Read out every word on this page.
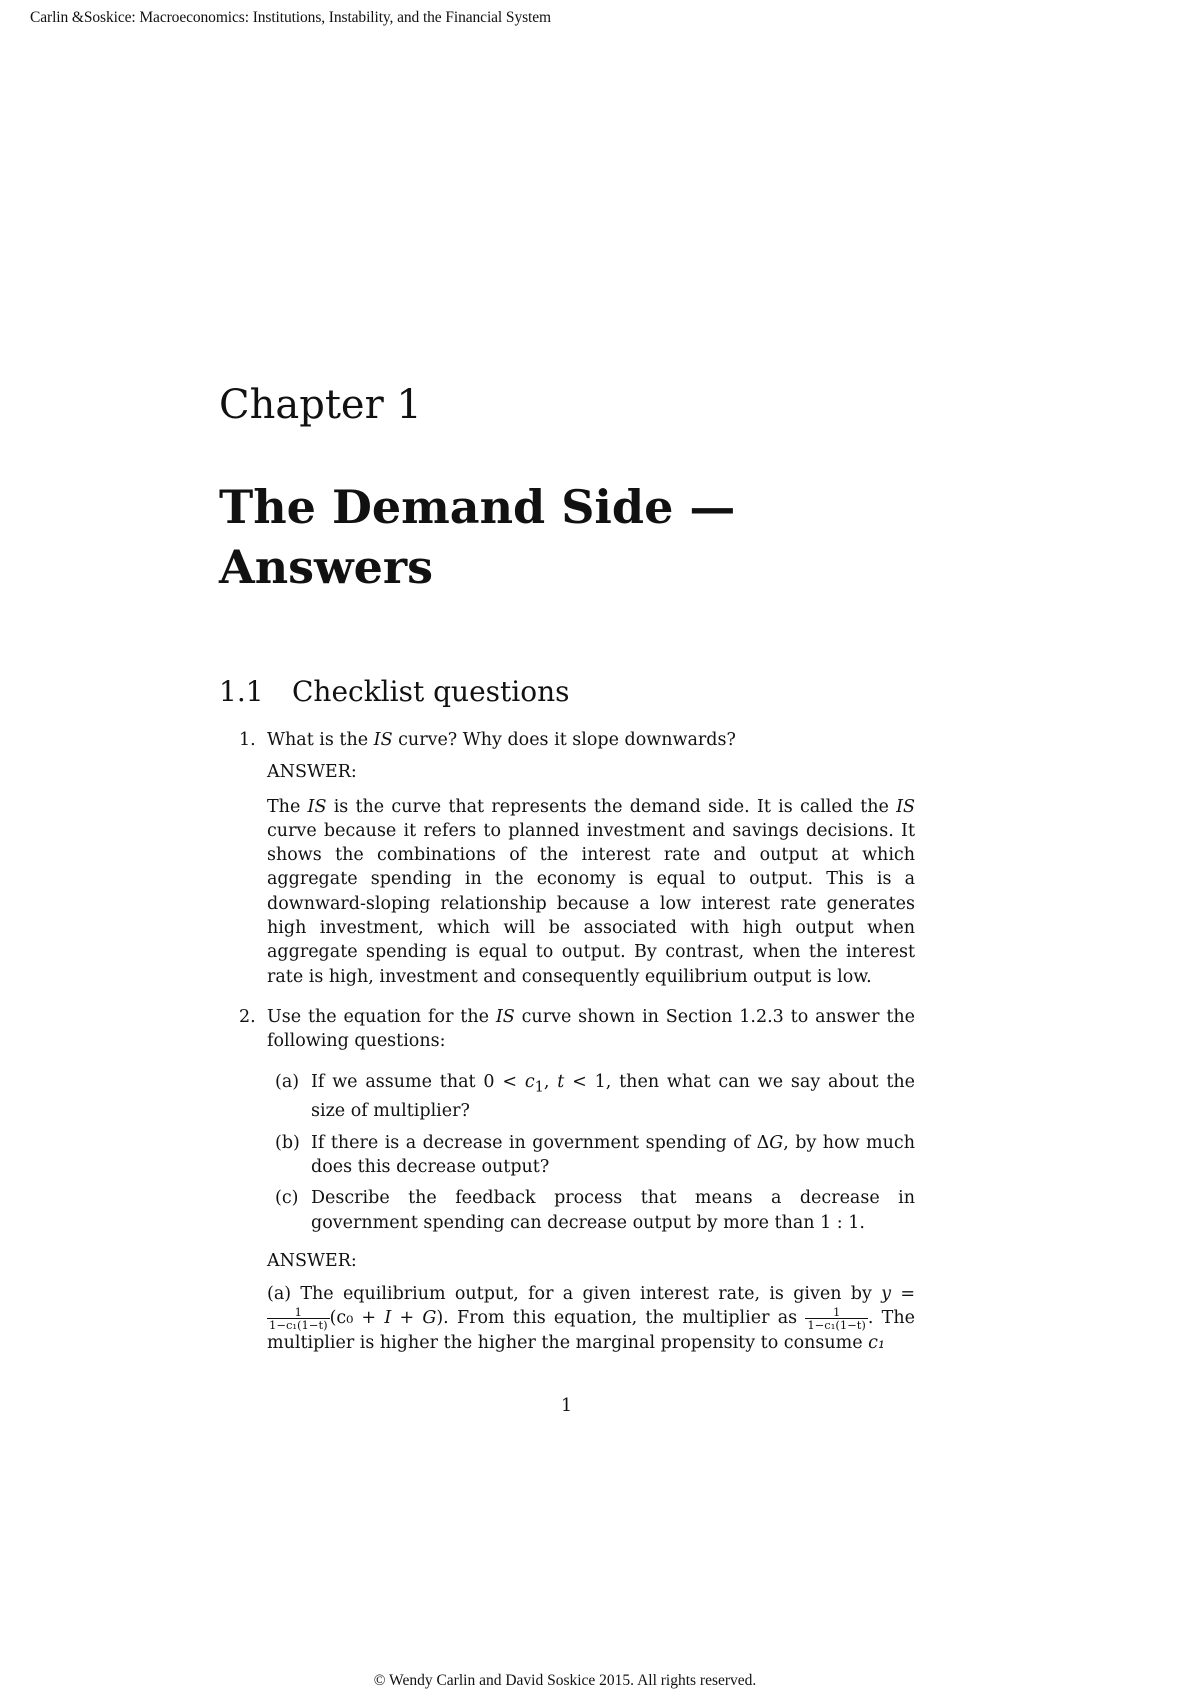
Carlin &Soskice: Macroeconomics: Institutions, Instability, and the Financial System
Chapter 1
The Demand Side —
Answers
1.1 Checklist questions
1. What is the IS curve? Why does it slope downwards?

ANSWER:

The IS is the curve that represents the demand side. It is called the IS curve because it refers to planned investment and savings decisions. It shows the combinations of the interest rate and output at which aggregate spending in the economy is equal to output. This is a downward-sloping relationship because a low interest rate generates high investment, which will be associated with high output when aggregate spending is equal to output. By contrast, when the interest rate is high, investment and consequently equilibrium output is low.

2. Use the equation for the IS curve shown in Section 1.2.3 to answer the following questions:

(a) If we assume that $0 < c_1$, t < 1, then what can we say about the size of multiplier?
(b) If there is a decrease in government spending of ΔG, by how much does this decrease output?
(c) Describe the feedback process that means a decrease in government spending can decrease output by more than 1 : 1.

ANSWER:

(a) The equilibrium output, for a given interest rate, is given by y =
$\frac{1}{\text{1−c₁(1−t)}} (c_0 + I + G)$. From this equation, the multiplier as $\frac{1}{\text{1−c₁(1−t)}}$ . The multiplier is higher the higher the marginal propensity to consume c₁

1
© Wendy Carlin and David Soskice 2015. All rights reserved.
